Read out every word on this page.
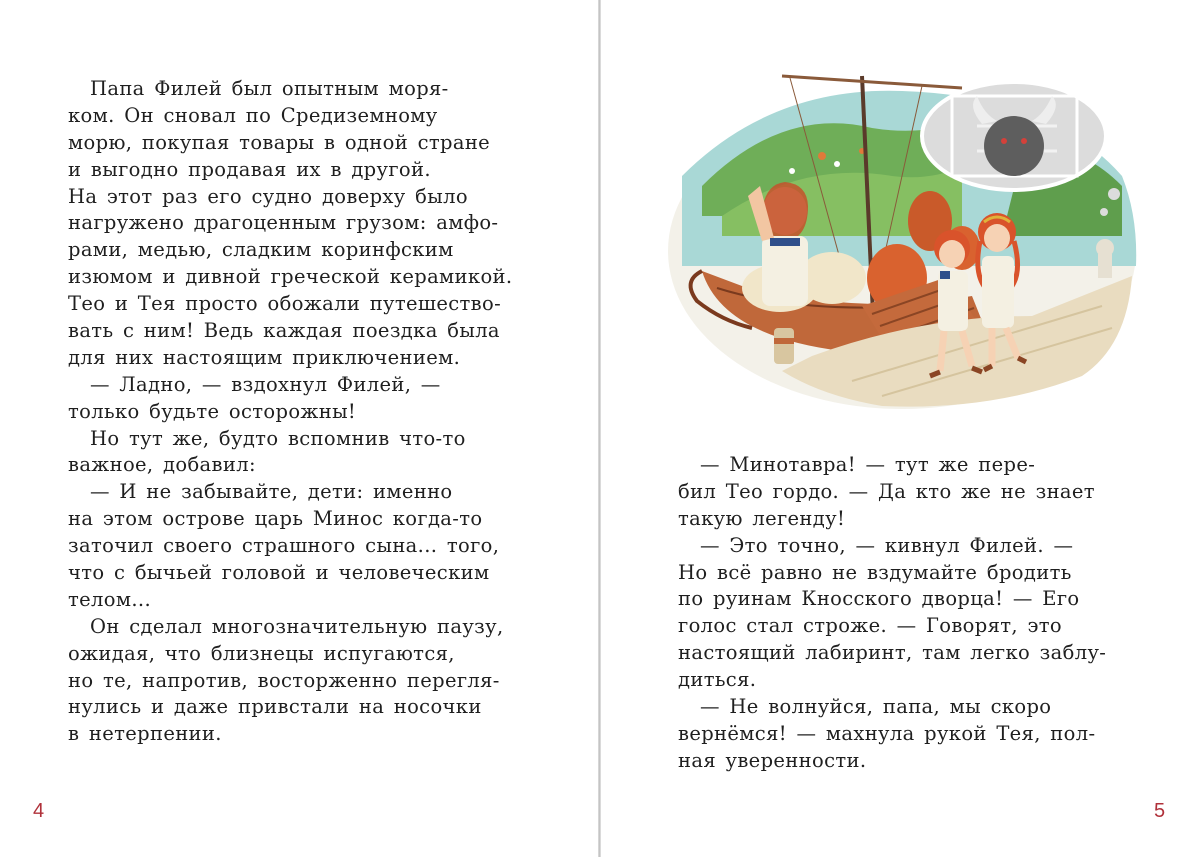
Папа Филей был опытным моря-
ком. Он сновал по Средиземному
морю, покупая товары в одной стране
и выгодно продавая их в другой.
На этот раз его судно доверху было
нагружено драгоценным грузом: амфо-
рами, медью, сладким коринфским
изюмом и дивной греческой керамикой.
Тео и Тея просто обожали путешество-
вать с ним! Ведь каждая поездка была
для них настоящим приключением.
— Ладно, — вздохнул Филей, —
только будьте осторожны!
Но тут же, будто вспомнив что-то
важное, добавил:
— И не забывайте, дети: именно
на этом острове царь Минос когда-то
заточил своего страшного сына... того,
что с бычьей головой и человеческим
телом...
Он сделал многозначительную паузу,
ожидая, что близнецы испугаются,
но те, напротив, восторженно перегля-
нулись и даже привстали на носочки
в нетерпении.
4
— Минотавра! — тут же пере-
бил Тео гордо. — Да кто же не знает
такую легенду!
— Это точно, — кивнул Филей. —
Но всё равно не вздумайте бродить
по руинам Кносского дворца! — Его
голос стал строже. — Говорят, это
настоящий лабиринт, там легко заблу-
диться.
— Не волнуйся, папа, мы скоро
вернёмся! — махнула рукой Тея, пол-
ная уверенности.
5
